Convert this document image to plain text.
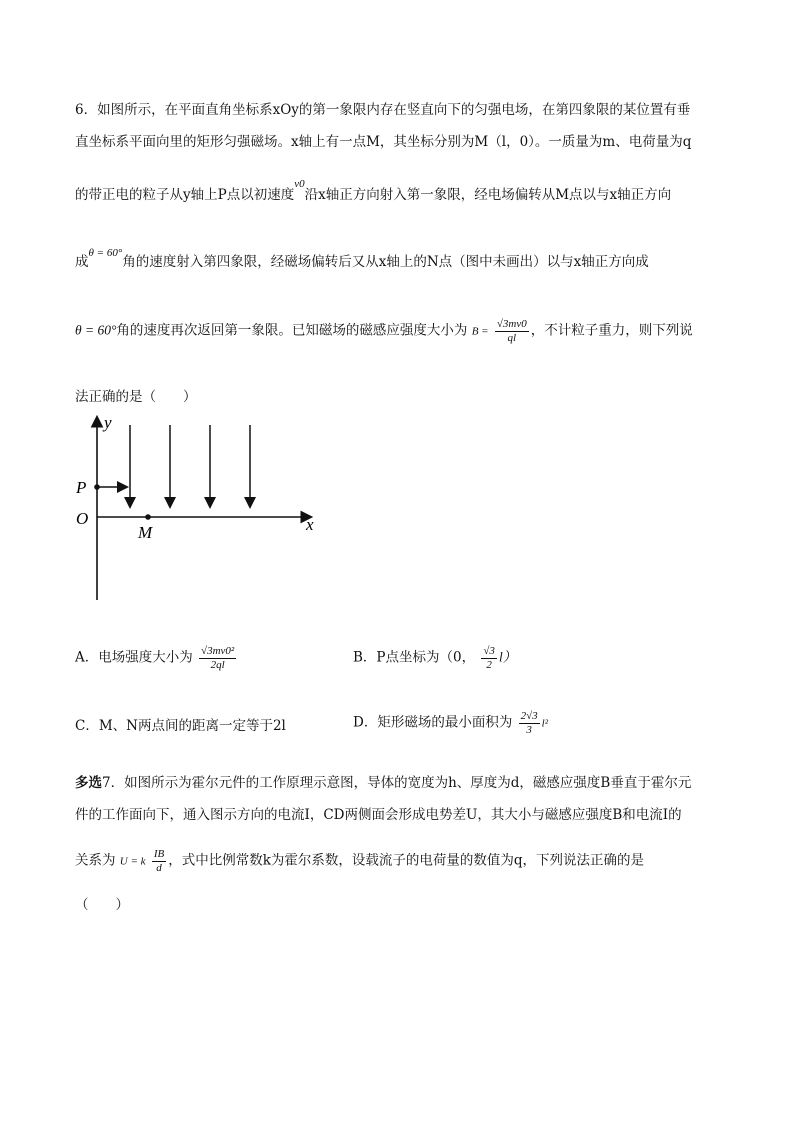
6．如图所示，在平面直角坐标系xOy的第一象限内存在竖直向下的匀强电场，在第四象限的某位置有垂
直坐标系平面向里的矩形匀强磁场。x轴上有一点M，其坐标分别为M（l，0）。一质量为m、电荷量为q
的带正电的粒子从y轴上P点以初速度$^{v0}$沿x轴正方向射入第一象限，经电场偏转从M点以与x轴正方向
成$^{\theta = 60^\circ}$角的速度射入第四象限，经磁场偏转后又从x轴上的N点（图中未画出）以与x轴正方向成
θ = 60°角的速度再次返回第一象限。已知磁场的磁感应强度大小为 $B = \frac{√3mv0}{ql}$ ，不计粒子重力，则下列说
法正确的是（　　）
y
x
P
O
M
A．电场强度大小为 $\frac{\text{√3mv0²}}{2ql}$	B．P点坐标为（0， $\frac{√3}{2} l$）
C．M、N两点间的距离一定等于2l	D．矩形磁场的最小面积为 $\frac{2√3}{3} l^2$
多选7．如图所示为霍尔元件的工作原理示意图，导体的宽度为h、厚度为d，磁感应强度B垂直于霍尔元
件的工作面向下，通入图示方向的电流I，CD两侧面会形成电势差U，其大小与磁感应强度B和电流I的
关系为 U = k $\frac{IB}{d}$ ，式中比例常数k为霍尔系数，设载流子的电荷量的数值为q，下列说法正确的是
（　　）
